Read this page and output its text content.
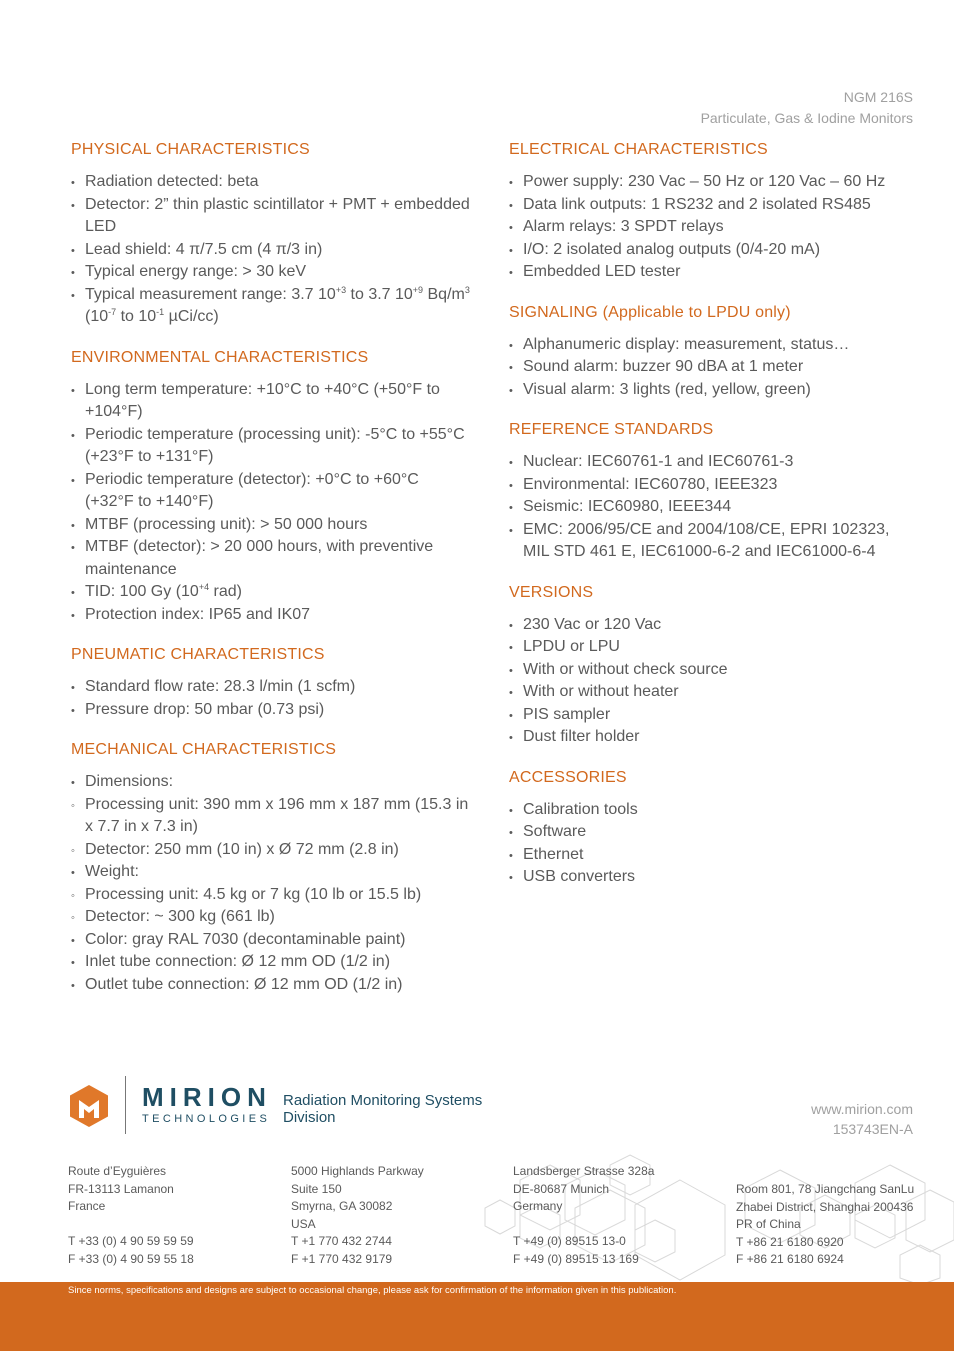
NGM 216S
Particulate, Gas & Iodine Monitors
PHYSICAL CHARACTERISTICS
• Radiation detected: beta
• Detector: 2” thin plastic scintillator + PMT + embedded LED
• Lead shield: 4 π/7.5 cm (4 π/3 in)
• Typical energy range: > 30 keV
• Typical measurement range: 3.7 $10^{+3}$ to 3.7 $10^{+9}$ $Bq/m^3$ ($10^{-7}$ to $10^{-1}$ µCi/cc)
ENVIRONMENTAL CHARACTERISTICS
• Long term temperature: +10°C to +40°C (+50°F to +104°F)
• Periodic temperature (processing unit): -5°C to +55°C (+23°F to +131°F)
• Periodic temperature (detector): +0°C to +60°C (+32°F to +140°F)
• MTBF (processing unit): > 50 000 hours
• MTBF (detector): > 20 000 hours, with preventive maintenance
• TID: 100 Gy ($10^{+4}$ rad)
• Protection index: IP65 and IK07
PNEUMATIC CHARACTERISTICS
• Standard flow rate: 28.3 l/min (1 scfm)
• Pressure drop: 50 mbar (0.73 psi)
MECHANICAL CHARACTERISTICS
• Dimensions:
◦ Processing unit: 390 mm x 196 mm x 187 mm (15.3 in x 7.7 in x 7.3 in)
◦ Detector: 250 mm (10 in) x Ø 72 mm (2.8 in)
• Weight:
◦ Processing unit: 4.5 kg or 7 kg (10 lb or 15.5 lb)
◦ Detector: ~ 300 kg (661 lb)
• Color: gray RAL 7030 (decontaminable paint)
• Inlet tube connection: Ø 12 mm OD (1/2 in)
• Outlet tube connection: Ø 12 mm OD (1/2 in)
ELECTRICAL CHARACTERISTICS
• Power supply: 230 Vac – 50 Hz or 120 Vac – 60 Hz
• Data link outputs: 1 RS232 and 2 isolated RS485
• Alarm relays: 3 SPDT relays
• I/O: 2 isolated analog outputs (0/4-20 mA)
• Embedded LED tester
SIGNALING (Applicable to LPDU only)
• Alphanumeric display: measurement, status…
• Sound alarm: buzzer 90 dBA at 1 meter
• Visual alarm: 3 lights (red, yellow, green)
REFERENCE STANDARDS
• Nuclear: IEC60761-1 and IEC60761-3
• Environmental: IEC60780, IEEE323
• Seismic: IEC60980, IEEE344
• EMC: 2006/95/CE and 2004/108/CE, EPRI 102323, MIL STD 461 E, IEC61000-6-2 and IEC61000-6-4
VERSIONS
• 230 Vac or 120 Vac
• LPDU or LPU
• With or without check source
• With or without heater
• PIS sampler
• Dust filter holder
ACCESSORIES
• Calibration tools
• Software
• Ethernet
• USB converters
MIRION
TECHNOLOGIES
Radiation Monitoring Systems
Division	www.mirion.com
153743EN-A
Route d’Eyguières
FR-13113 Lamanon
France
T +33 (0) 4 90 59 59 59
F +33 (0) 4 90 59 55 18
5000 Highlands Parkway
Suite 150
Smyrna, GA 30082
USA
T +1 770 432 2744
F +1 770 432 9179
Landsberger Strasse 328a
DE-80687 Munich
Germany
T +49 (0) 89515 13-0
F +49 (0) 89515 13 169
Room 801, 78 Jiangchang SanLu
Zhabei District, Shanghai 200436
PR of China
T +86 21 6180 6920
F +86 21 6180 6924
Since norms, specifications and designs are subject to occasional change, please ask for confirmation of the information given in this publication.
